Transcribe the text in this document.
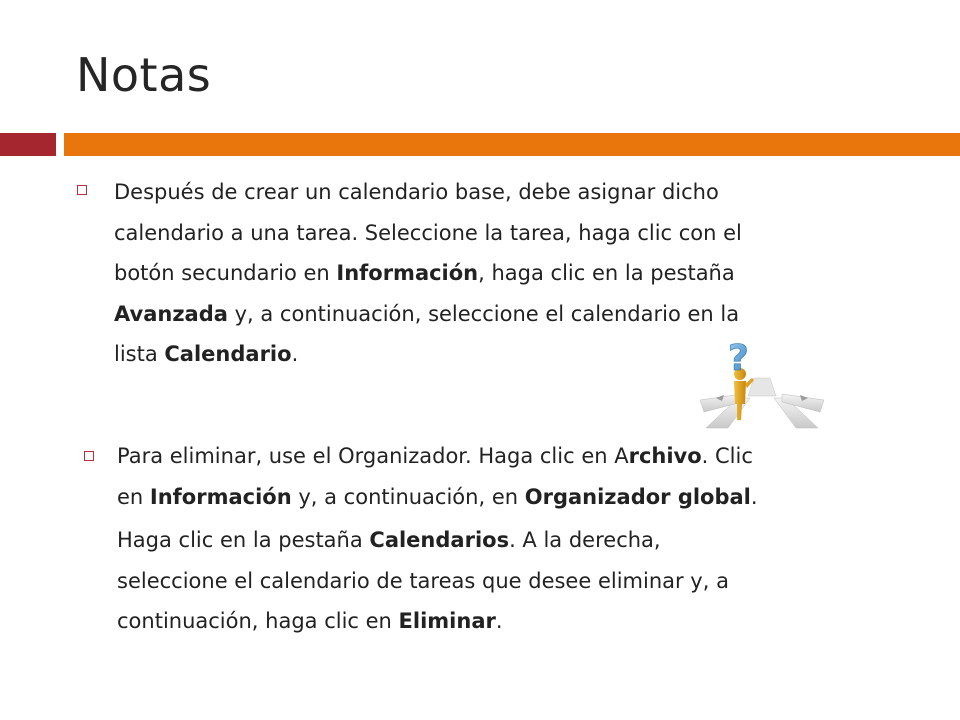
Notas
Después de crear un calendario base, debe asignar dicho
calendario a una tarea. Seleccione la tarea, haga clic con el
botón secundario en Información, haga clic en la pestaña
Avanzada y, a continuación, seleccione el calendario en la
lista Calendario.	?
Para eliminar, use el Organizador. Haga clic en Archivo. Clic
en Información y, a continuación, en Organizador global.
Haga clic en la pestaña Calendarios. A la derecha,
seleccione el calendario de tareas que desee eliminar y, a
continuación, haga clic en Eliminar.
